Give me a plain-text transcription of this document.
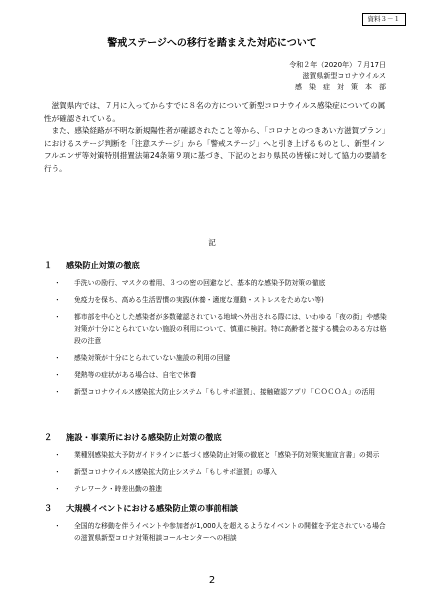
資料３－１
警戒ステージへの移行を踏まえた対応について
令和２年（2020年）７月17日
滋賀県新型コロナウイルス
感　染　症　対　策　本　部

滋賀県内では、７月に入ってからすでに８名の方について新型コロナウイルス感染症についての属性が確認されている。

また、感染経路が不明な新規陽性者が確認されたこと等から、「コロナとのつきあい方滋賀プラン」におけるステージ判断を「注意ステージ」から「警戒ステージ」へと引き上げるものとし、新型インフルエンザ等対策特別措置法第24条第９項に基づき、下記のとおり県民の皆様に対して協力の要請を行う。

記
１ 感染防止対策の徹底
・ 手洗いの励行、マスクの着用、３つの密の回避など、基本的な感染予防対策の徹底
・ 免疫力を保ち、高める生活習慣の実践(休養・適度な運動・ストレスをためない等)
・ 都市部を中心とした感染者が多数確認されている地域へ外出される際には、いわゆる「夜の街」や感染対策が十分にとられていない施設の利用について、慎重に検討。特に高齢者と接する機会のある方は格段の注意
・ 感染対策が十分にとられていない施設の利用の回避
・ 発熱等の症状がある場合は、自宅で休養
・ 新型コロナウイルス感染拡大防止システム「もしサポ滋賀」、接触確認アプリ「ＣＯＣＯＡ」の活用
２ 施設・事業所における感染防止対策の徹底
・ 業種別感染拡大予防ガイドラインに基づく感染防止対策の徹底と「感染予防対策実施宣言書」の掲示
・ 新型コロナウイルス感染拡大防止システム「もしサポ滋賀」の導入
・ テレワーク・時差出勤の推進
３ 大規模イベントにおける感染防止策の事前相談
・ 全国的な移動を伴うイベントや参加者が1,000人を超えるようなイベントの開催を予定されている場合の滋賀県新型コロナ対策相談コールセンターへの相談
2
